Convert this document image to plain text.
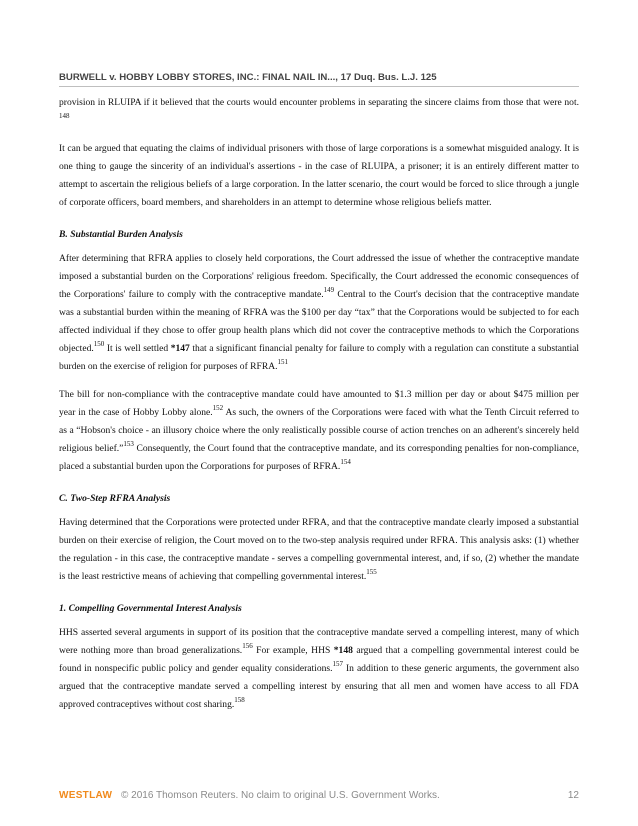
BURWELL v. HOBBY LOBBY STORES, INC.: FINAL NAIL IN..., 17 Duq. Bus. L.J. 125

provision in RLUIPA if it believed that the courts would encounter problems in separating the sincere claims from those that were not. $^{148}$

It can be argued that equating the claims of individual prisoners with those of large corporations is a somewhat misguided analogy. It is one thing to gauge the sincerity of an individual's assertions - in the case of RLUIPA, a prisoner; it is an entirely different matter to attempt to ascertain the religious beliefs of a large corporation. In the latter scenario, the court would be forced to slice through a jungle of corporate officers, board members, and shareholders in an attempt to determine whose religious beliefs matter.

B. Substantial Burden Analysis

After determining that RFRA applies to closely held corporations, the Court addressed the issue of whether the contraceptive mandate imposed a substantial burden on the Corporations' religious freedom. Specifically, the Court addressed the economic consequences of the Corporations' failure to comply with the contraceptive mandate.$^{149}$ Central to the Court's decision that the contraceptive mandate was a substantial burden within the meaning of RFRA was the $100 per day “tax” that the Corporations would be subjected to for each affected individual if they chose to offer group health plans which did not cover the contraceptive methods to which the Corporations objected.$^{150}$ It is well settled *147 that a significant financial penalty for failure to comply with a regulation can constitute a substantial burden on the exercise of religion for purposes of RFRA.$^{151}$

The bill for non-compliance with the contraceptive mandate could have amounted to $1.3 million per day or about $475 million per year in the case of Hobby Lobby alone.$^{152}$ As such, the owners of the Corporations were faced with what the Tenth Circuit referred to as a “Hobson's choice - an illusory choice where the only realistically possible course of action trenches on an adherent's sincerely held religious belief.”$^{153}$ Consequently, the Court found that the contraceptive mandate, and its corresponding penalties for non-compliance, placed a substantial burden upon the Corporations for purposes of RFRA.$^{154}$

C. Two-Step RFRA Analysis

Having determined that the Corporations were protected under RFRA, and that the contraceptive mandate clearly imposed a substantial burden on their exercise of religion, the Court moved on to the two-step analysis required under RFRA. This analysis asks: (1) whether the regulation - in this case, the contraceptive mandate - serves a compelling governmental interest, and, if so, (2) whether the mandate is the least restrictive means of achieving that compelling governmental interest.$^{155}$

1. Compelling Governmental Interest Analysis

HHS asserted several arguments in support of its position that the contraceptive mandate served a compelling interest, many of which were nothing more than broad generalizations.$^{156}$ For example, HHS *148 argued that a compelling governmental interest could be found in nonspecific public policy and gender equality considerations.$^{157}$ In addition to these generic arguments, the government also argued that the contraceptive mandate served a compelling interest by ensuring that all men and women have access to all FDA approved contraceptives without cost sharing.$^{158}$

WESTLAW © 2016 Thomson Reuters. No claim to original U.S. Government Works.	12
